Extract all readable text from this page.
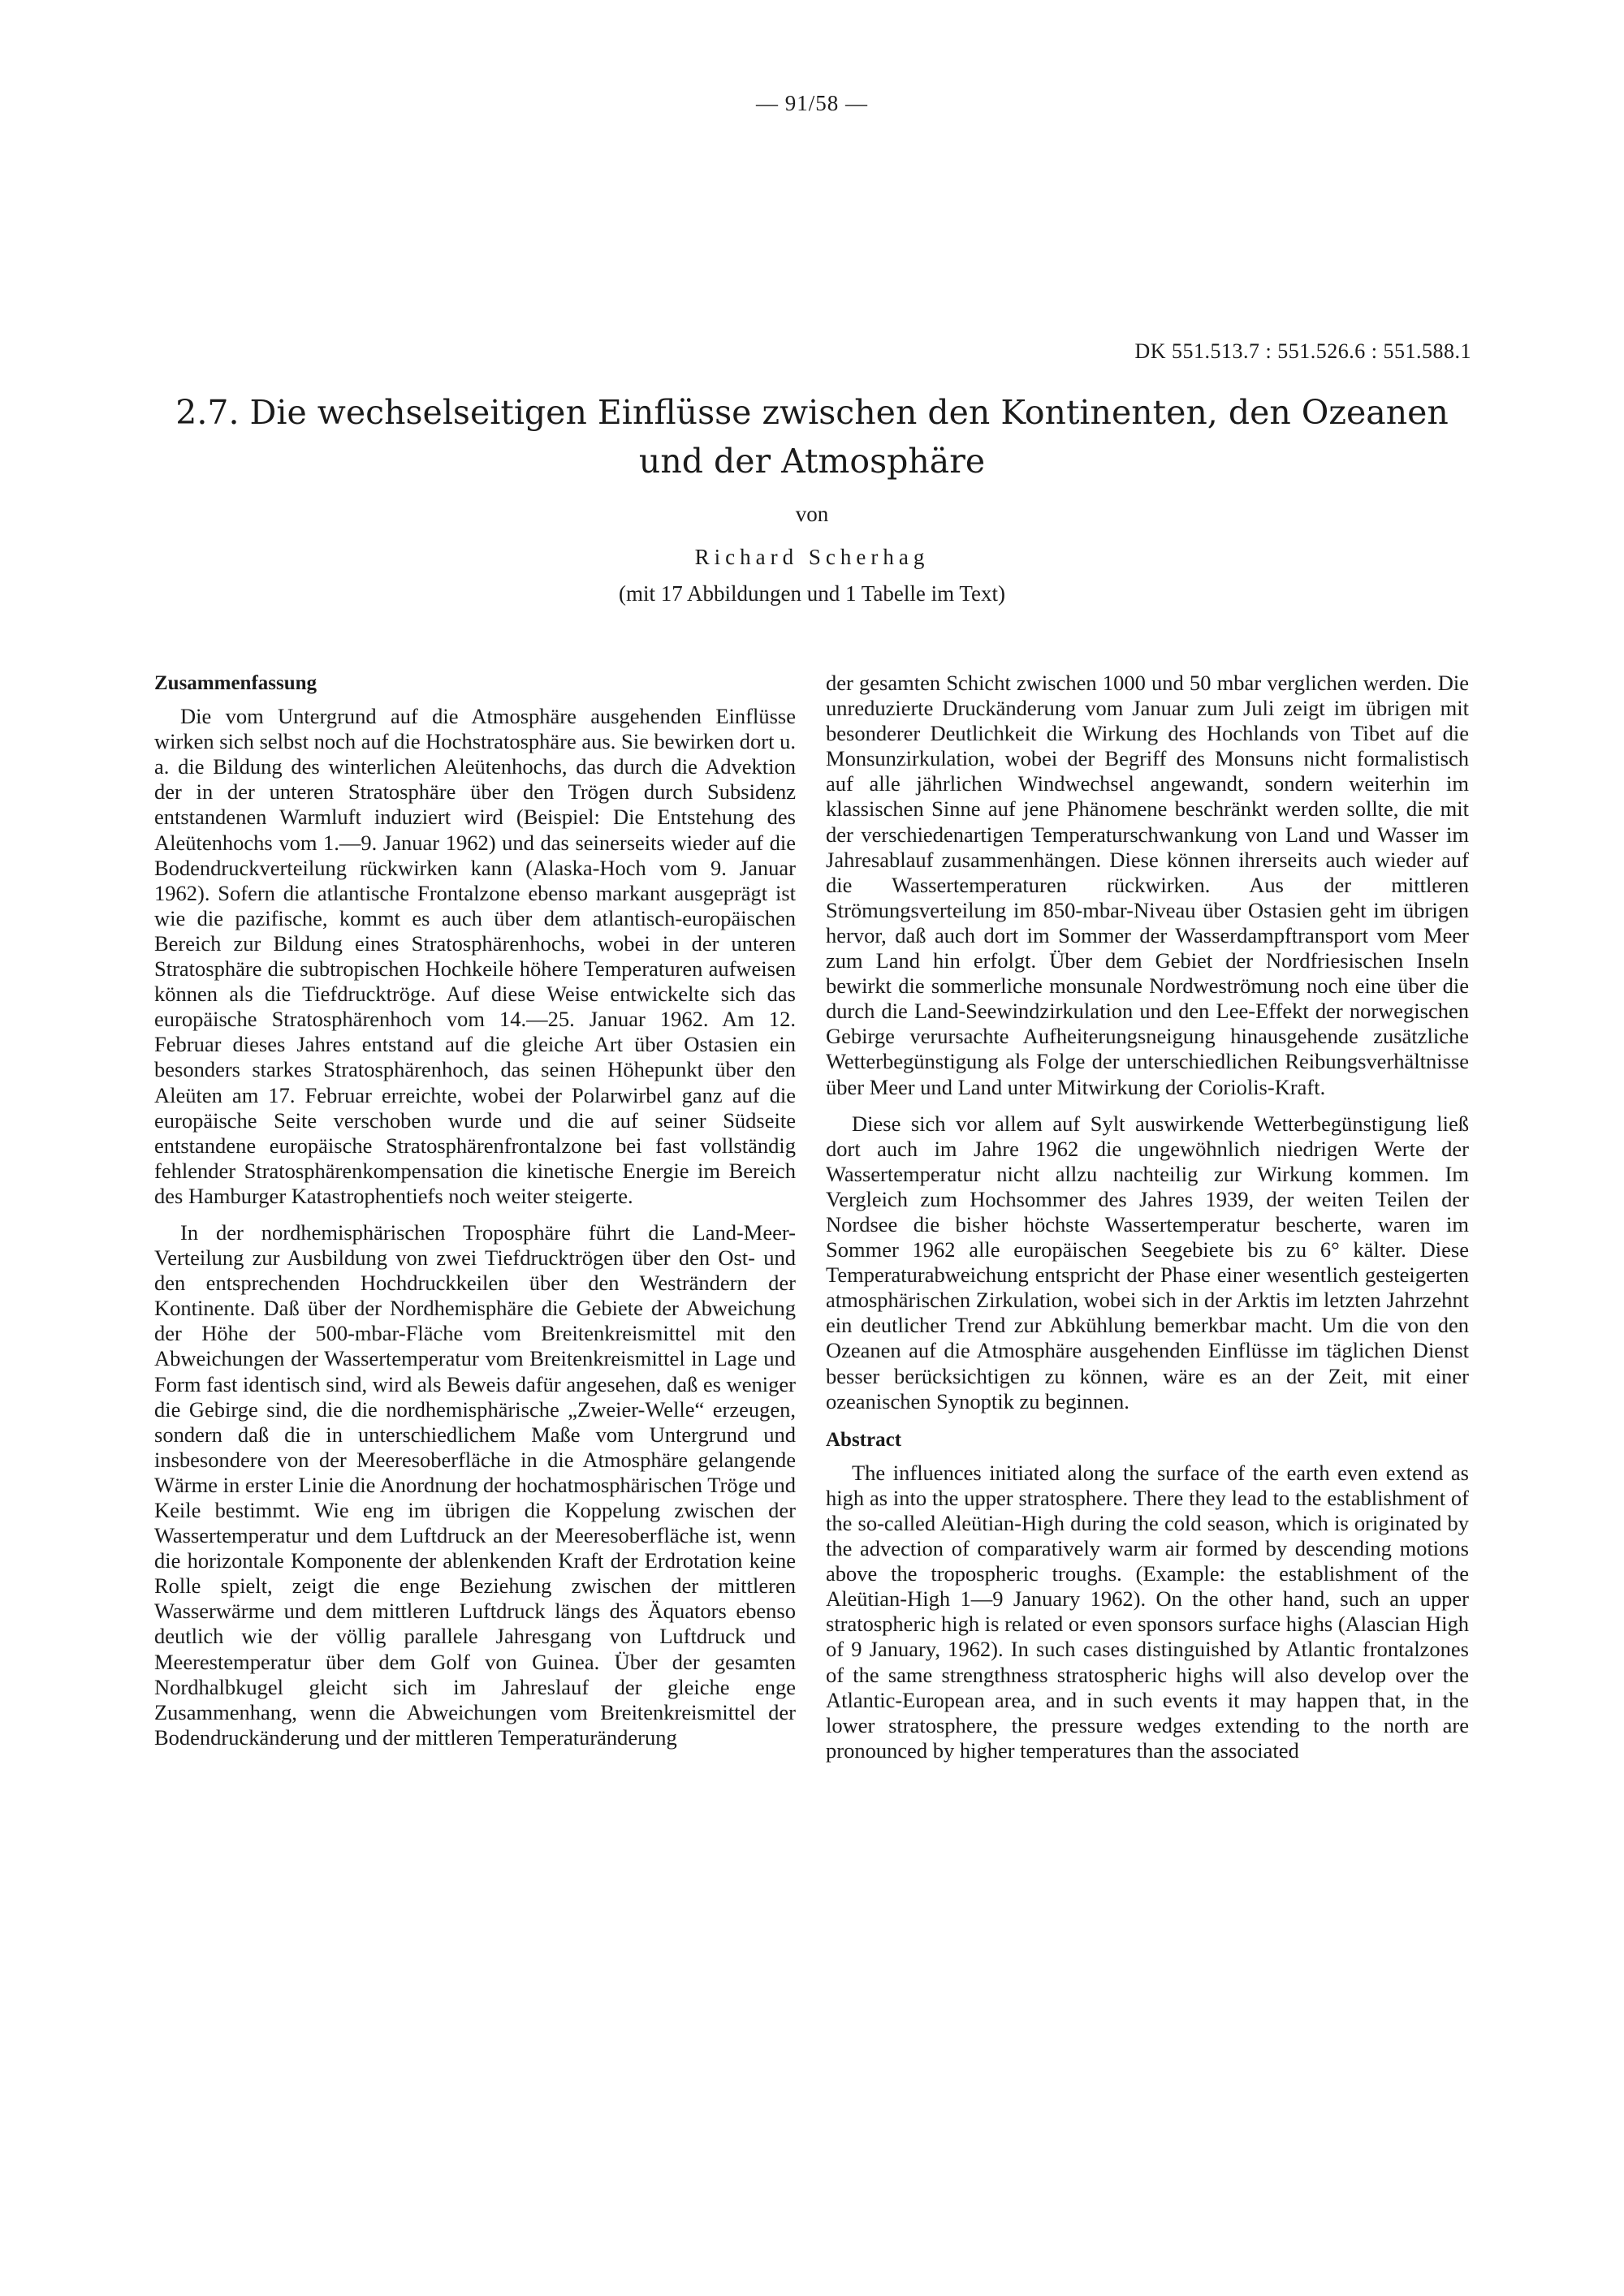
— 91/58 —
DK 551.513.7 : 551.526.6 : 551.588.1
2.7. Die wechselseitigen Einflüsse zwischen den Kontinenten, den Ozeanen
und der Atmosphäre
von
Richard Scherhag
(mit 17 Abbildungen und 1 Tabelle im Text)
Zusammenfassung

Die vom Untergrund auf die Atmosphäre ausgehenden Einflüsse wirken sich selbst noch auf die Hochstratosphäre aus. Sie bewirken dort u. a. die Bildung des winterlichen Aleütenhochs, das durch die Advektion der in der unteren Stratosphäre über den Trögen durch Subsidenz entstandenen Warmluft induziert wird (Beispiel: Die Entstehung des Aleütenhochs vom 1.—9. Januar 1962) und das seinerseits wieder auf die Bodendruckverteilung rückwirken kann (Alaska-Hoch vom 9. Januar 1962). Sofern die atlantische Frontalzone ebenso markant ausgeprägt ist wie die pazifische, kommt es auch über dem atlantisch-europäischen Bereich zur Bildung eines Stratosphärenhochs, wobei in der unteren Stratosphäre die subtropischen Hochkeile höhere Temperaturen aufweisen können als die Tiefdrucktröge. Auf diese Weise entwickelte sich das europäische Stratosphärenhoch vom 14.—25. Januar 1962. Am 12. Februar dieses Jahres entstand auf die gleiche Art über Ostasien ein besonders starkes Stratosphärenhoch, das seinen Höhepunkt über den Aleüten am 17. Februar erreichte, wobei der Polarwirbel ganz auf die europäische Seite verschoben wurde und die auf seiner Südseite entstandene europäische Stratosphärenfrontalzone bei fast vollständig fehlender Stratosphärenkompensation die kinetische Energie im Bereich des Hamburger Katastrophentiefs noch weiter steigerte.

In der nordhemisphärischen Troposphäre führt die Land-Meer-Verteilung zur Ausbildung von zwei Tiefdrucktrögen über den Ost- und den entsprechenden Hochdruckkeilen über den Westrändern der Kontinente. Daß über der Nordhemisphäre die Gebiete der Abweichung der Höhe der 500-mbar-Fläche vom Breitenkreismittel mit den Abweichungen der Wassertemperatur vom Breitenkreismittel in Lage und Form fast identisch sind, wird als Beweis dafür angesehen, daß es weniger die Gebirge sind, die die nordhemisphärische „Zweier-Welle“ erzeugen, sondern daß die in unterschiedlichem Maße vom Untergrund und insbesondere von der Meeresoberfläche in die Atmosphäre gelangende Wärme in erster Linie die Anordnung der hochatmosphärischen Tröge und Keile bestimmt. Wie eng im übrigen die Koppelung zwischen der Wassertemperatur und dem Luftdruck an der Meeresoberfläche ist, wenn die horizontale Komponente der ablenkenden Kraft der Erdrotation keine Rolle spielt, zeigt die enge Beziehung zwischen der mittleren Wasserwärme und dem mittleren Luftdruck längs des Äquators ebenso deutlich wie der völlig parallele Jahresgang von Luftdruck und Meerestemperatur über dem Golf von Guinea. Über der gesamten Nordhalbkugel gleicht sich im Jahreslauf der gleiche enge Zusammenhang, wenn die Abweichungen vom Breitenkreismittel der Bodendruckänderung und der mittleren Temperaturänderung

der gesamten Schicht zwischen 1000 und 50 mbar verglichen werden. Die unreduzierte Druckänderung vom Januar zum Juli zeigt im übrigen mit besonderer Deutlichkeit die Wirkung des Hochlands von Tibet auf die Monsunzirkulation, wobei der Begriff des Monsuns nicht formalistisch auf alle jährlichen Windwechsel angewandt, sondern weiterhin im klassischen Sinne auf jene Phänomene beschränkt werden sollte, die mit der verschiedenartigen Temperaturschwankung von Land und Wasser im Jahresablauf zusammenhängen. Diese können ihrerseits auch wieder auf die Wassertemperaturen rückwirken. Aus der mittleren Strömungsverteilung im 850-mbar-Niveau über Ostasien geht im übrigen hervor, daß auch dort im Sommer der Wasserdampftransport vom Meer zum Land hin erfolgt. Über dem Gebiet der Nordfriesischen Inseln bewirkt die sommerliche monsunale Nordweströmung noch eine über die durch die Land-Seewindzirkulation und den Lee-Effekt der norwegischen Gebirge verursachte Aufheiterungsneigung hinausgehende zusätzliche Wetterbegünstigung als Folge der unterschiedlichen Reibungsverhältnisse über Meer und Land unter Mitwirkung der Coriolis-Kraft.

Diese sich vor allem auf Sylt auswirkende Wetterbegünstigung ließ dort auch im Jahre 1962 die ungewöhnlich niedrigen Werte der Wassertemperatur nicht allzu nachteilig zur Wirkung kommen. Im Vergleich zum Hochsommer des Jahres 1939, der weiten Teilen der Nordsee die bisher höchste Wassertemperatur bescherte, waren im Sommer 1962 alle europäischen Seegebiete bis zu 6° kälter. Diese Temperaturabweichung entspricht der Phase einer wesentlich gesteigerten atmosphärischen Zirkulation, wobei sich in der Arktis im letzten Jahrzehnt ein deutlicher Trend zur Abkühlung bemerkbar macht. Um die von den Ozeanen auf die Atmosphäre ausgehenden Einflüsse im täglichen Dienst besser berücksichtigen zu können, wäre es an der Zeit, mit einer ozeanischen Synoptik zu beginnen.

Abstract

The influences initiated along the surface of the earth even extend as high as into the upper stratosphere. There they lead to the establishment of the so-called Aleütian-High during the cold season, which is originated by the advection of comparatively warm air formed by descending motions above the tropospheric troughs. (Example: the establishment of the Aleütian-High 1—9 January 1962). On the other hand, such an upper stratospheric high is related or even sponsors surface highs (Alascian High of 9 January, 1962). In such cases distinguished by Atlantic frontalzones of the same strengthness stratospheric highs will also develop over the Atlantic-European area, and in such events it may happen that, in the lower stratosphere, the pressure wedges extending to the north are pronounced by higher temperatures than the associated
